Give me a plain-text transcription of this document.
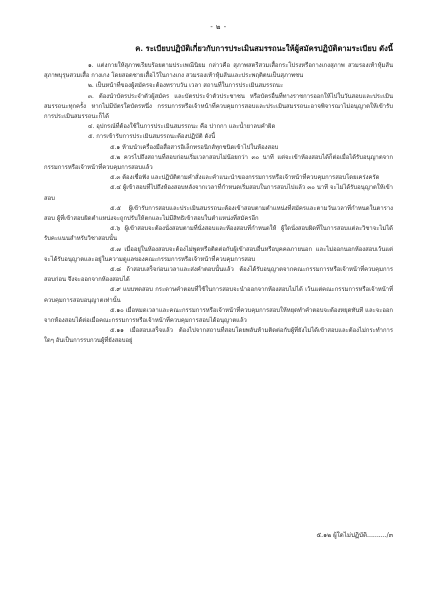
- ๒ -
ค. ระเบียบปฏิบัติเกี่ยวกับการประเมินสมรรถนะให้ผู้สมัครปฏิบัติตามระเบียบ ดังนี้

๑. แต่งกายให้สุภาพเรียบร้อยตามประเพณีนิยม กล่าวคือ สุภาพสตรีสวมเสื้อกระโปรงหรือกางเกงสุภาพ สวมรองเท้าหุ้มส้น สุภาพบุรุษสวมเสื้อ กางเกง โดยสอดชายเสื้อไว้ในกางเกง สวมรองเท้าหุ้มส้นและประพฤติตนเป็นสุภาพชน

๒. เป็นหน้าที่ของผู้สมัครจะต้องทราบวัน เวลา สถานที่ในการประเมินสมรรถนะ

๓. ต้องนำบัตรประจำตัวผู้สมัคร และบัตรประจำตัวประชาชน หรือบัตรอื่นที่ทางราชการออกให้ไปในวันสอบและประเมินสมรรถนะทุกครั้ง หากไม่มีบัตรใดบัตรหนึ่ง กรรมการหรือเจ้าหน้าที่ควบคุมการสอบและประเมินสมรรถนะอาจพิจารณาไม่อนุญาตให้เข้ารับการประเมินสมรรถนะก็ได้

๔. อุปกรณ์ที่ต้องใช้ในการประเมินสมรรถนะ คือ ปากกา และน้ำยาลบคำผิด

๕. การเข้ารับการประเมินสมรรถนะต้องปฏิบัติ ดังนี้

๕.๑ ห้ามนำเครื่องมือสื่อสารอิเล็กทรอนิกส์ทุกชนิดเข้าไปในห้องสอบ

๕.๒ ควรไปถึงสถานที่สอบก่อนเริ่มเวลาสอบไม่น้อยกว่า ๓๐ นาที แต่จะเข้าห้องสอบได้ก็ต่อเมื่อได้รับอนุญาตจากกรรมการหรือเจ้าหน้าที่ควบคุมการสอบแล้ว

๕.๓ ต้องเชื่อฟัง และปฏิบัติตามคำสั่งและคำแนะนำของกรรมการหรือเจ้าหน้าที่ควบคุมการสอบโดยเคร่งครัด

๕.๔ ผู้เข้าสอบที่ไปถึงห้องสอบหลังจากเวลาที่กำหนดเริ่มสอบในการสอบไปแล้ว ๓๐ นาที จะไม่ได้รับอนุญาตให้เข้าสอบ

๕.๕ ผู้เข้ารับการสอบและประเมินสมรรถนะต้องเข้าสอบตามตำแหน่งที่สมัครและตามวันเวลาที่กำหนดในตารางสอบ ผู้ที่เข้าสอบผิดตำแหน่งจะถูกปรับให้ตกและไม่มีสิทธิเข้าสอบในตำแหน่งที่สมัครอีก

๕.๖ ผู้เข้าสอบจะต้องนั่งสอบตามที่นั่งสอบและห้องสอบที่กำหนดให้ ผู้ใดนั่งสอบผิดที่ในการสอบแต่ละวิชาจะไม่ได้รับคะแนนสำหรับวิชาสอบนั้น

๕.๗ เมื่ออยู่ในห้องสอบจะต้องไม่พูดหรือติดต่อกับผู้เข้าสอบอื่นหรือบุคคลภายนอก และไม่ออกนอกห้องสอบเว้นแต่จะได้รับอนุญาตและอยู่ในความดูแลของคณะกรรมการหรือเจ้าหน้าที่ควบคุมการสอบ

๕.๘ ถ้าสอบเสร็จก่อนเวลาและส่งคำตอบนั้นแล้ว ต้องได้รับอนุญาตจากคณะกรรมการหรือเจ้าหน้าที่ควบคุมการสอบก่อน จึงจะออกจากห้องสอบได้

๕.๙ แบบทดสอบ กระดาษคำตอบที่ใช้ในการสอบจะนำออกจากห้องสอบไม่ได้ เว้นแต่คณะกรรมการหรือเจ้าหน้าที่ควบคุมการสอบอนุญาตเท่านั้น

๕.๑๐ เมื่อหมดเวลาและคณะกรรมการหรือเจ้าหน้าที่ควบคุมการสอบให้หยุดทำคำตอบจะต้องหยุดทันที และจะออกจากห้องสอบได้ต่อเมื่อคณะกรรมการหรือเจ้าหน้าที่ควบคุมการสอบได้อนุญาตแล้ว

๕.๑๑ เมื่อสอบเสร็จแล้ว ต้องไปจากสถานที่สอบโดยพลันห้ามติดต่อกับผู้ที่ยังไม่ได้เข้าสอบและต้องไม่กระทำการใดๆ อันเป็นการรบกวนผู้ที่ยังสอบอยู่

๕.๑๒ ผู้ใดไม่ปฏิบัติ........../๓
